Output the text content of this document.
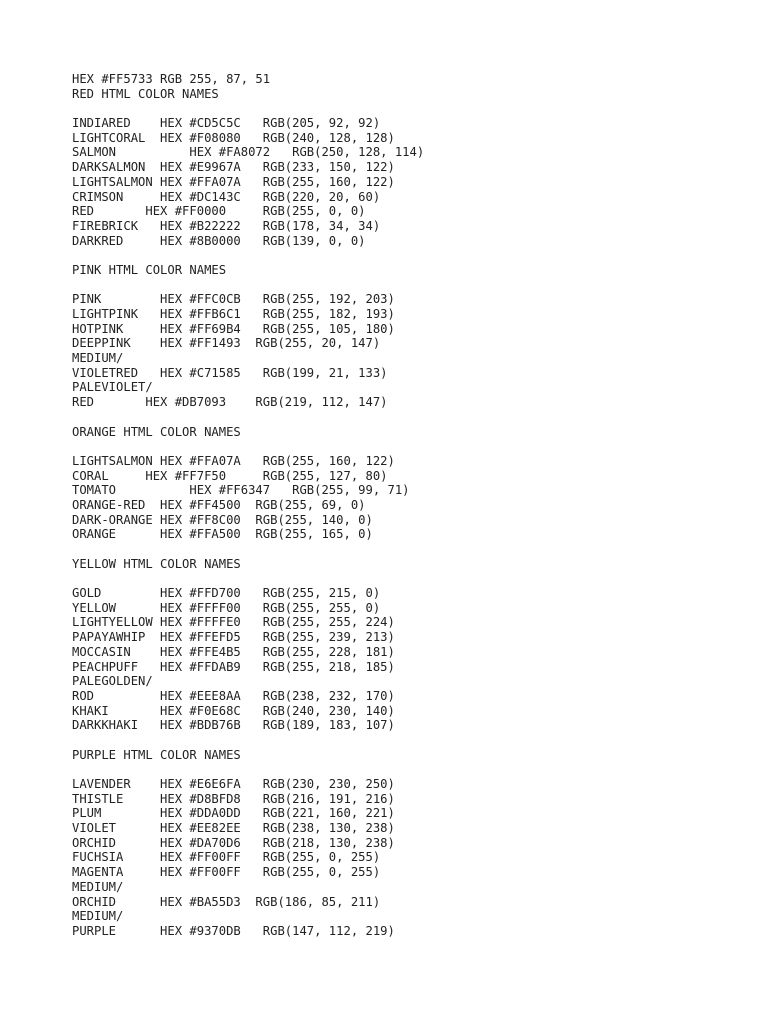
HEX #FF5733 RGB 255, 87, 51
RED HTML COLOR NAMES

INDIARED    HEX #CD5C5C   RGB(205, 92, 92)
LIGHTCORAL  HEX #F08080   RGB(240, 128, 128)
SALMON          HEX #FA8072   RGB(250, 128, 114)
DARKSALMON  HEX #E9967A   RGB(233, 150, 122)
LIGHTSALMON HEX #FFA07A   RGB(255, 160, 122)
CRIMSON     HEX #DC143C   RGB(220, 20, 60)
RED       HEX #FF0000     RGB(255, 0, 0)
FIREBRICK   HEX #B22222   RGB(178, 34, 34)
DARKRED     HEX #8B0000   RGB(139, 0, 0)

PINK HTML COLOR NAMES

PINK        HEX #FFC0CB   RGB(255, 192, 203)
LIGHTPINK   HEX #FFB6C1   RGB(255, 182, 193)
HOTPINK     HEX #FF69B4   RGB(255, 105, 180)
DEEPPINK    HEX #FF1493  RGB(255, 20, 147)
MEDIUM/
VIOLETRED   HEX #C71585   RGB(199, 21, 133)
PALEVIOLET/
RED       HEX #DB7093    RGB(219, 112, 147)

ORANGE HTML COLOR NAMES

LIGHTSALMON HEX #FFA07A   RGB(255, 160, 122)
CORAL     HEX #FF7F50     RGB(255, 127, 80)
TOMATO          HEX #FF6347   RGB(255, 99, 71)
ORANGE-RED  HEX #FF4500  RGB(255, 69, 0)
DARK-ORANGE HEX #FF8C00  RGB(255, 140, 0)
ORANGE      HEX #FFA500  RGB(255, 165, 0)

YELLOW HTML COLOR NAMES

GOLD        HEX #FFD700   RGB(255, 215, 0)
YELLOW      HEX #FFFF00   RGB(255, 255, 0)
LIGHTYELLOW HEX #FFFFE0   RGB(255, 255, 224)
PAPAYAWHIP  HEX #FFEFD5   RGB(255, 239, 213)
MOCCASIN    HEX #FFE4B5   RGB(255, 228, 181)
PEACHPUFF   HEX #FFDAB9   RGB(255, 218, 185)
PALEGOLDEN/
ROD         HEX #EEE8AA   RGB(238, 232, 170)
KHAKI       HEX #F0E68C   RGB(240, 230, 140)
DARKKHAKI   HEX #BDB76B   RGB(189, 183, 107)

PURPLE HTML COLOR NAMES

LAVENDER    HEX #E6E6FA   RGB(230, 230, 250)
THISTLE     HEX #D8BFD8   RGB(216, 191, 216)
PLUM        HEX #DDA0DD   RGB(221, 160, 221)
VIOLET      HEX #EE82EE   RGB(238, 130, 238)
ORCHID      HEX #DA70D6   RGB(218, 130, 238)
FUCHSIA     HEX #FF00FF   RGB(255, 0, 255)
MAGENTA     HEX #FF00FF   RGB(255, 0, 255)
MEDIUM/
ORCHID      HEX #BA55D3  RGB(186, 85, 211)
MEDIUM/
PURPLE      HEX #9370DB   RGB(147, 112, 219)
